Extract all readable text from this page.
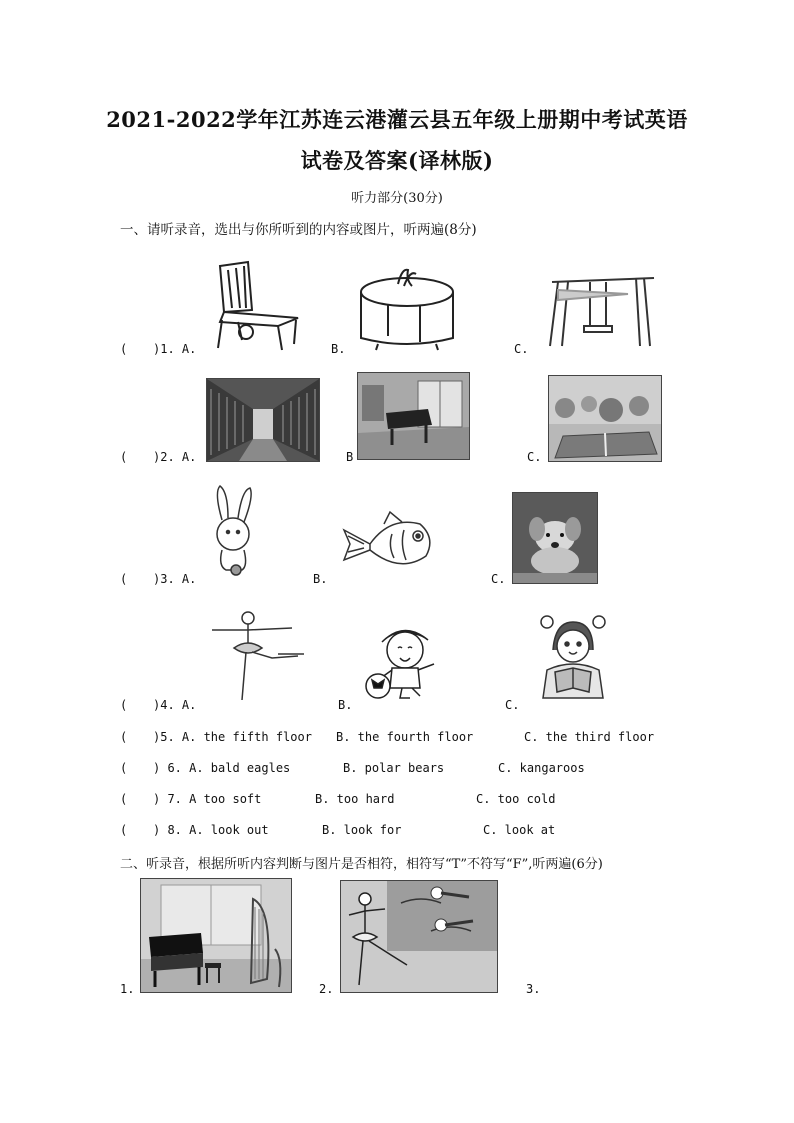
2021-2022学年江苏连云港灌云县五年级上册期中考试英语
试卷及答案(译林版)
听力部分(30分)
一、请听录音，选出与你所听到的内容或图片，听两遍(8分)
( )1. A.	B.	C.
( )2. A.	B	C.
( )3. A.	B.	C.
( )4. A.	B.	C.
( )5. A. the fifth floor B. the fourth floor	C. the third floor
( ) 6. A. bald eagles	B. polar bears	C. kangaroos
( ) 7. A too soft	B. too hard	C. too cold
( ) 8. A. look out	B. look for	C. look at
二、听录音，根据所听内容判断与图片是否相符，相符写“T”不符写“F”,听两遍(6分)
1.	2.	3.
